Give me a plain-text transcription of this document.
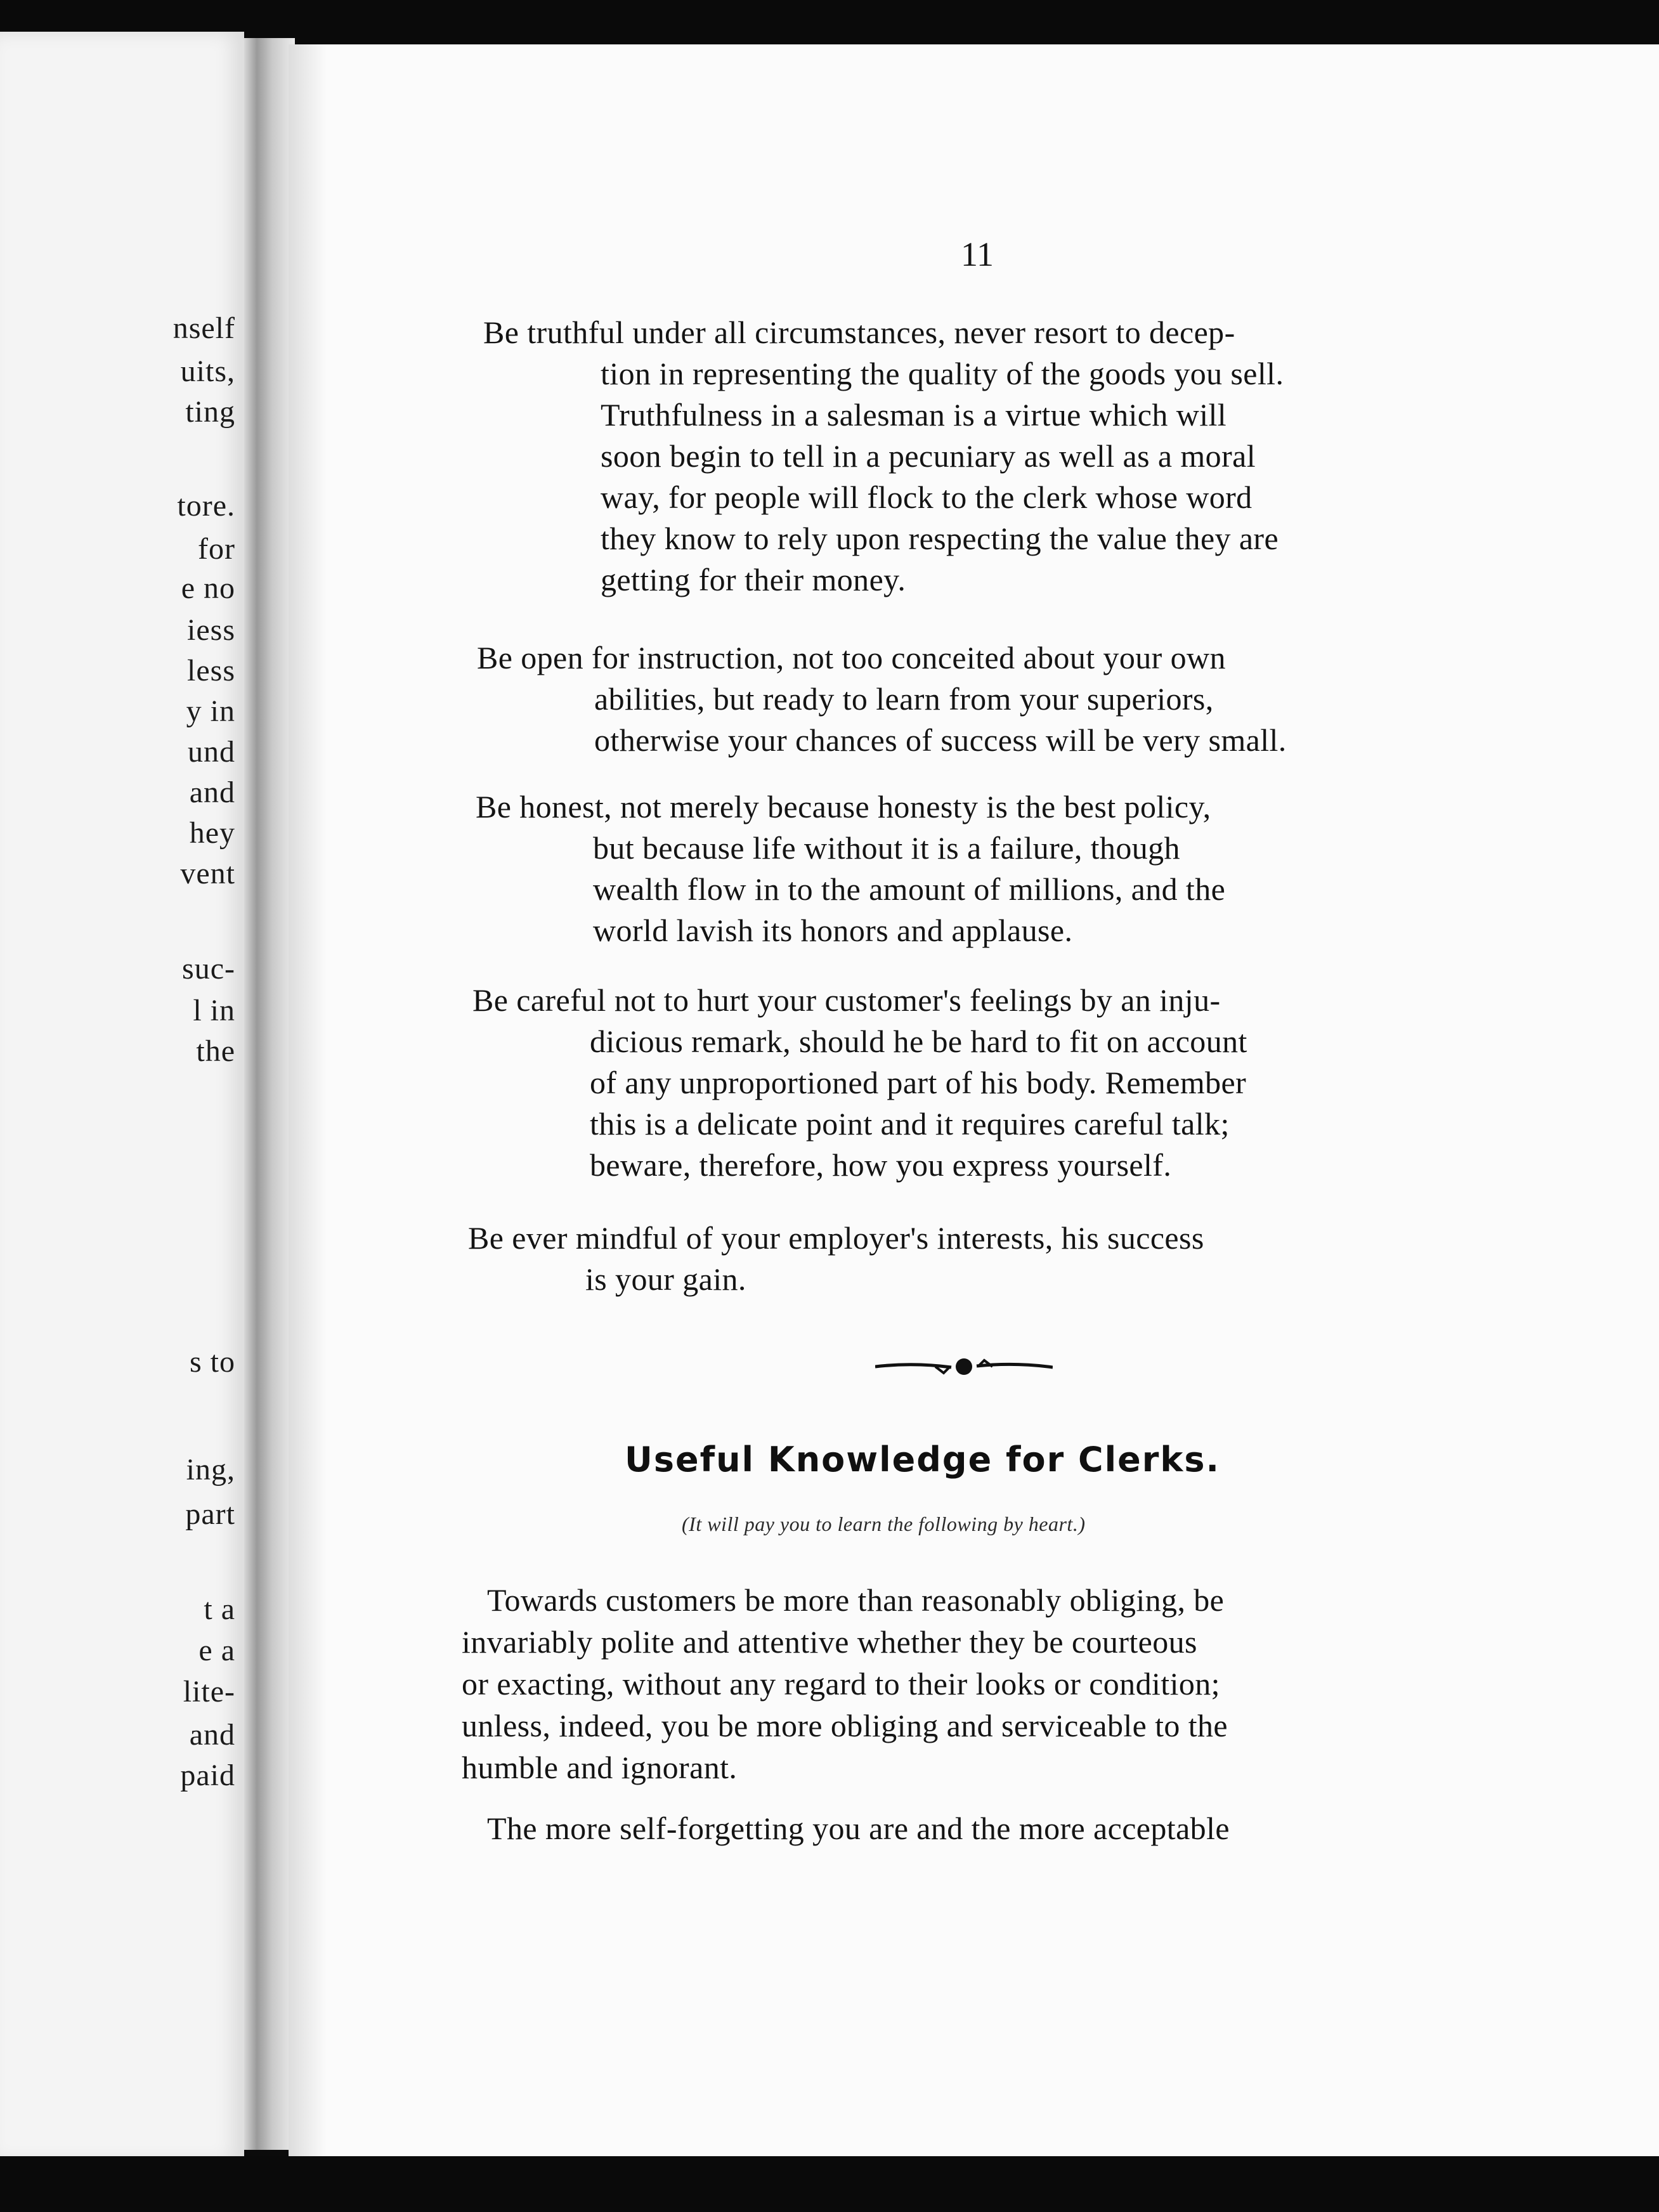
nself
uits,
ting
tore.
for
e no
iess
less
y in
und
and
hey
vent
suc-
l in
the
s to
ing,
part
t a
e a
lite-
and
paid
11
Be truthful under all circumstances, never resort to decep-
tion in representing the quality of the goods you sell.
Truthfulness in a salesman is a virtue which will
soon begin to tell in a pecuniary as well as a moral
way, for people will flock to the clerk whose word
they know to rely upon respecting the value they are
getting for their money.
Be open for instruction, not too conceited about your own
abilities, but ready to learn from your superiors,
otherwise your chances of success will be very small.
Be honest, not merely because honesty is the best policy,
but because life without it is a failure, though
wealth flow in to the amount of millions, and the
world lavish its honors and applause.
Be careful not to hurt your customer's feelings by an inju-
dicious remark, should he be hard to fit on account
of any unproportioned part of his body. Remember
this is a delicate point and it requires careful talk;
beware, therefore, how you express yourself.
Be ever mindful of your employer's interests, his success
is your gain.
Useful Knowledge for Clerks.
(It will pay you to learn the following by heart.)
Towards customers be more than reasonably obliging, be
invariably polite and attentive whether they be courteous
or exacting, without any regard to their looks or condition;
unless, indeed, you be more obliging and serviceable to the
humble and ignorant.
The more self-forgetting you are and the more acceptable
